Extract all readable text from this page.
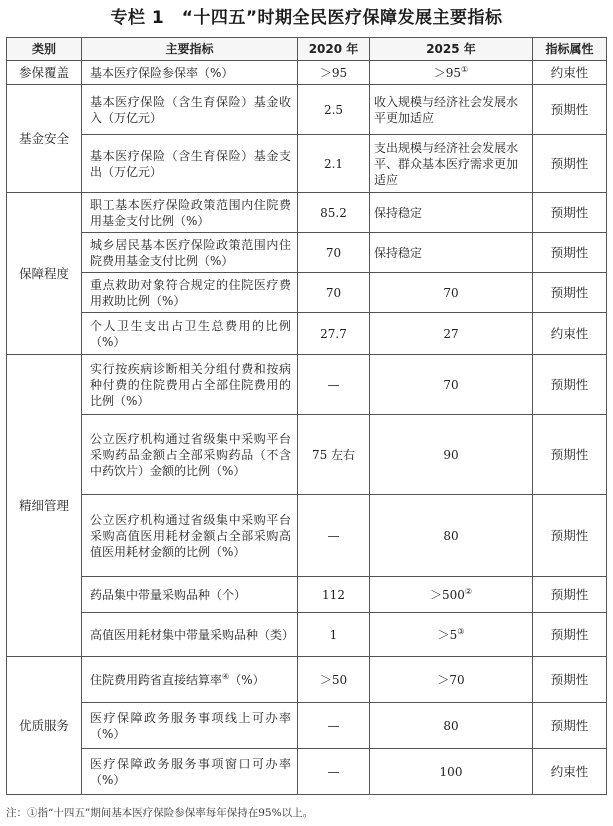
专栏 1　“十四五”时期全民医疗保障发展主要指标
类别	主要指标	2020 年	2025 年	指标属性
参保覆盖	基本医疗保险参保率（%）	＞95	＞95①	约束性
基金安全	基本医疗保险（含生育保险）基金收入（万亿元）	2.5	收入规模与经济社会发展水平更加适应	预期性
	基本医疗保险（含生育保险）基金支出（万亿元）	2.1	支出规模与经济社会发展水平、群众基本医疗需求更加适应	预期性
保障程度	职工基本医疗保险政策范围内住院费用基金支付比例（%）	85.2	保持稳定	预期性
	城乡居民基本医疗保险政策范围内住院费用基金支付比例（%）	70	保持稳定	预期性
	重点救助对象符合规定的住院医疗费用救助比例（%）	70	70	预期性
	个人卫生支出占卫生总费用的比例（%）	27.7	27	约束性
精细管理	实行按疾病诊断相关分组付费和按病种付费的住院费用占全部住院费用的比例（%）	—	70	预期性
	公立医疗机构通过省级集中采购平台采购药品金额占全部采购药品（不含中药饮片）金额的比例（%）	75 左右	90	预期性
	公立医疗机构通过省级集中采购平台采购高值医用耗材金额占全部采购高值医用耗材金额的比例（%）	—	80	预期性
	药品集中带量采购品种（个）	112	＞500②	预期性
	高值医用耗材集中带量采购品种（类）	1	＞5③	预期性
优质服务	住院费用跨省直接结算率④（%）	＞50	＞70	预期性
	医疗保障政务服务事项线上可办率（%）	—	80	预期性
	医疗保障政务服务事项窗口可办率（%）	—	100	约束性
注：①指“十四五”期间基本医疗保险参保率每年保持在95%以上。
